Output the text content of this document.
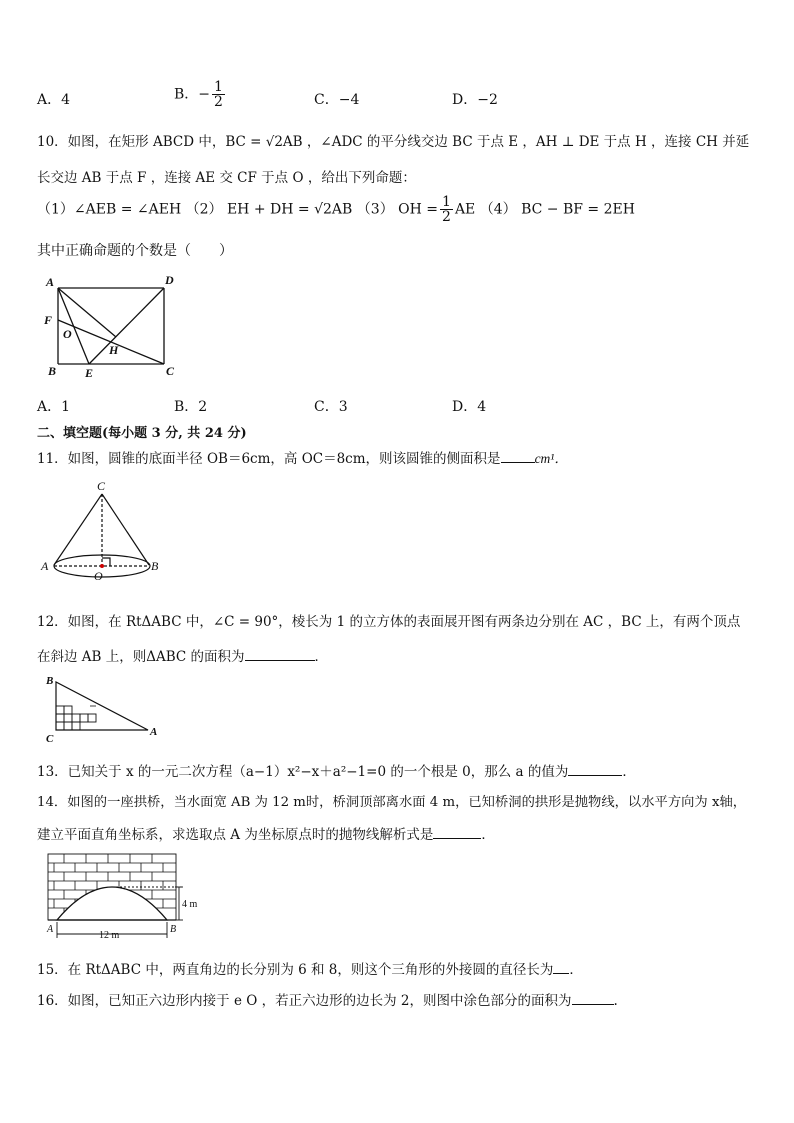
A．4	B．− $\frac{1}{2}$	C．−4	D．−2
10．如图，在矩形 ABCD 中，BC = √2AB ，∠ADC 的平分线交边 BC 于点 E ，AH ⊥ DE 于点 H ，连接 CH 并延
长交边 AB 于点 F ，连接 AE 交 CF 于点 O ，给出下列命题：
（1）∠AEB = ∠AEH （2） EH + DH = √2AB （3） OH = $\frac{1}{2}$ AE （4） BC − BF = 2EH
其中正确命题的个数是（　　）
A	D
F
O
H
B E	C
A．1	B．2	C．3	D．4
二、填空题(每小题 3 分, 共 24 分)
11．如图，圆锥的底面半径 OB＝6cm，高 OC＝8cm，则该圆锥的侧面积是	cm¹．
C
A
O
B
12．如图，在 RtΔABC 中，∠C = 90°，棱长为 1 的立方体的表面展开图有两条边分别在 AC ，BC 上，有两个顶点
在斜边 AB 上，则ΔABC 的面积为	．
B
C
A
13．已知关于 x 的一元二次方程（a−1）x²−x＋a²−1=0 的一个根是 0，那么 a 的值为	．
14．如图的一座拱桥，当水面宽 AB 为 12 m时，桥洞顶部离水面 4 m，已知桥洞的拱形是抛物线，以水平方向为 x轴，
建立平面直角坐标系，求选取点 A 为坐标原点时的抛物线解析式是	．
4 m
12 m
A	B
15．在 RtΔABC 中，两直角边的长分别为 6 和 8，则这个三角形的外接圆的直径长为 ．
16．如图，已知正六边形内接于 e O ，若正六边形的边长为 2，则图中涂色部分的面积为	.
